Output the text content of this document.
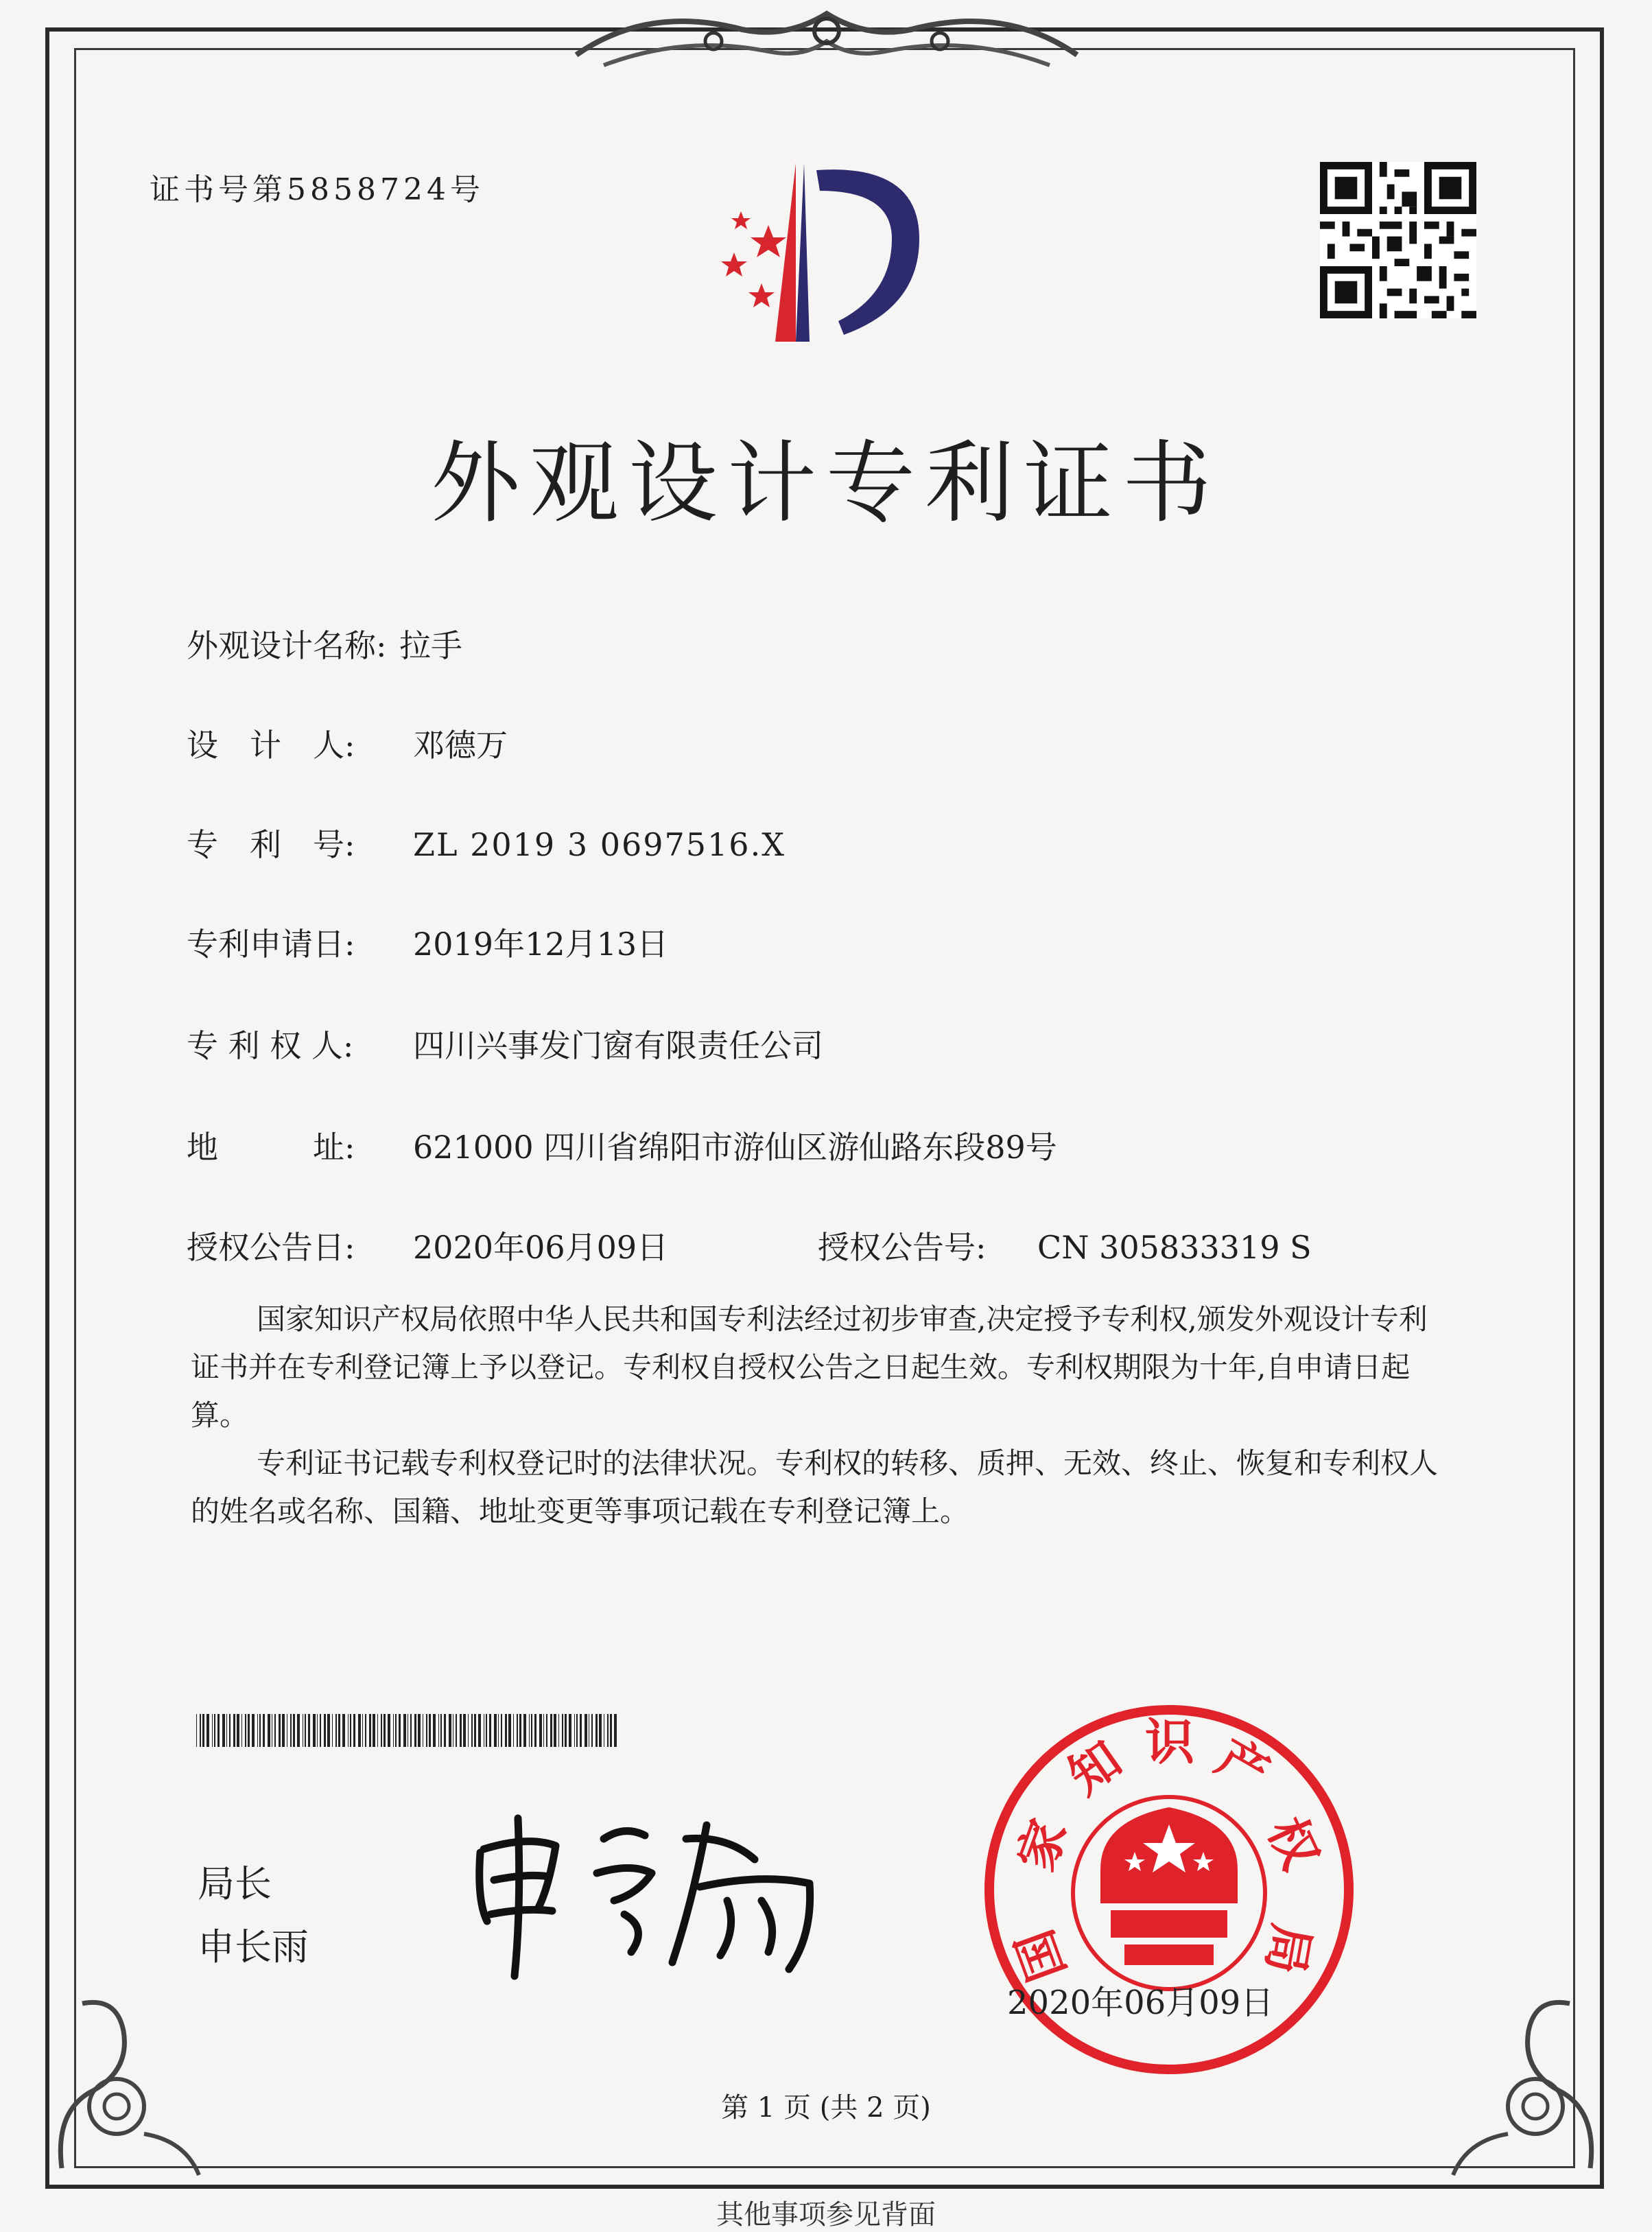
证书号第5858724号
外观设计专利证书
外观设计名称: 拉手
设　计　人: 邓德万
专　利　号: ZL 2019 3 0697516.X
专利申请日: 2019年12月13日
专 利 权 人: 四川兴事发门窗有限责任公司
地　　　址: 621000 四川省绵阳市游仙区游仙路东段89号
授权公告日: 2020年06月09日	授权公告号: CN 305833319 S
国家知识产权局依照中华人民共和国专利法经过初步审查,决定授予专利权,颁发外观设计专利证书并在专利登记簿上予以登记。专利权自授权公告之日起生效。专利权期限为十年,自申请日起算。
专利证书记载专利权登记时的法律状况。专利权的转移、质押、无效、终止、恢复和专利权人的姓名或名称、国籍、地址变更等事项记载在专利登记簿上。
局长
申长雨
家
知 识 产
权
局
国
2020年06月09日
第 1 页 (共 2 页)
其他事项参见背面
